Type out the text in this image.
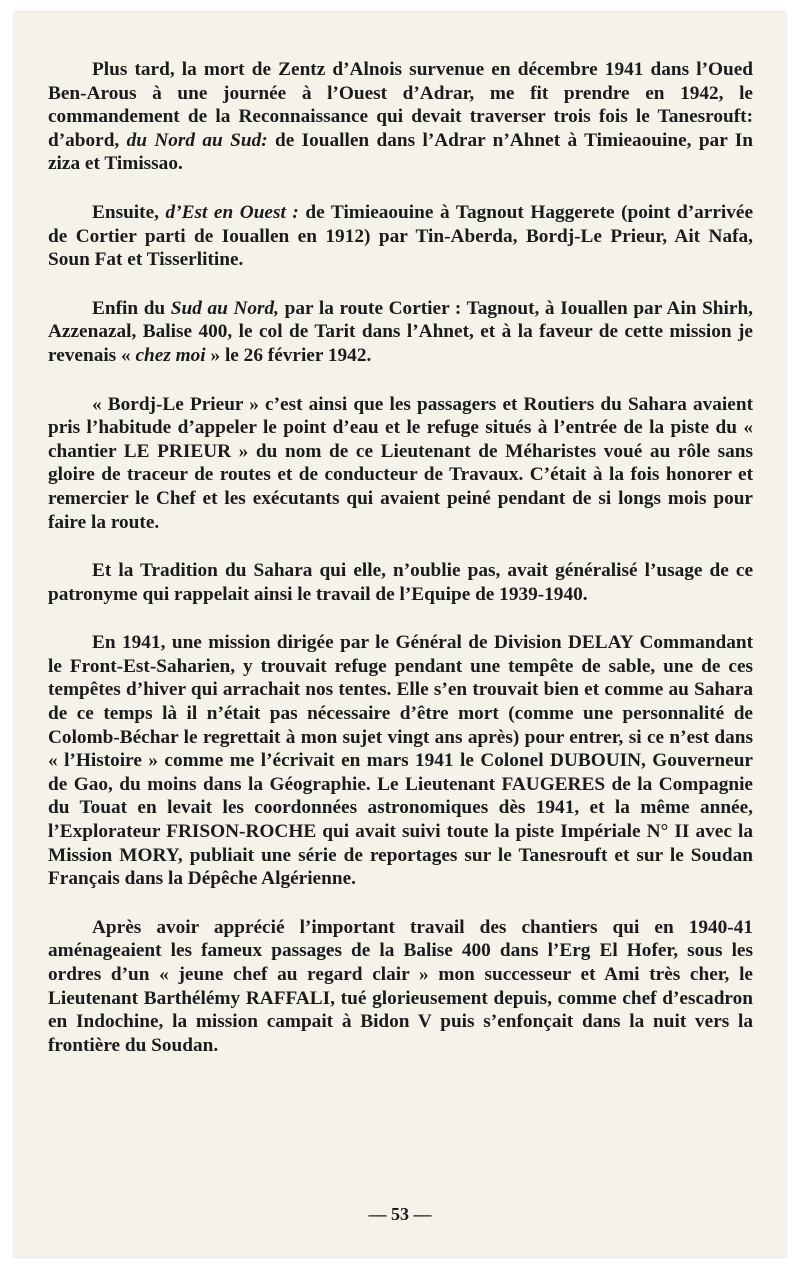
Plus tard, la mort de Zentz d’Alnois survenue en décembre 1941 dans l’Oued Ben-Arous à une journée à l’Ouest d’Adrar, me fit prendre en 1942, le commandement de la Reconnaissance qui devait traverser trois fois le Tanesrouft: d’abord, du Nord au Sud: de Iouallen dans l’Adrar n’Ahnet à Timieaouine, par In ziza et Timissao.

Ensuite, d’Est en Ouest : de Timieaouine à Tagnout Haggerete (point d’arrivée de Cortier parti de Iouallen en 1912) par Tin-Aberda, Bordj-Le Prieur, Ait Nafa, Soun Fat et Tisserlitine.

Enfin du Sud au Nord, par la route Cortier : Tagnout, à Iouallen par Ain Shirh, Azzenazal, Balise 400, le col de Tarit dans l’Ahnet, et à la faveur de cette mission je revenais « chez moi » le 26 février 1942.

« Bordj-Le Prieur » c’est ainsi que les passagers et Routiers du Sahara avaient pris l’habitude d’appeler le point d’eau et le refuge situés à l’entrée de la piste du « chantier LE PRIEUR » du nom de ce Lieutenant de Méharistes voué au rôle sans gloire de traceur de routes et de conducteur de Travaux. C’était à la fois honorer et remercier le Chef et les exécutants qui avaient peiné pendant de si longs mois pour faire la route.

Et la Tradition du Sahara qui elle, n’oublie pas, avait généralisé l’usage de ce patronyme qui rappelait ainsi le travail de l’Equipe de 1939-1940.

En 1941, une mission dirigée par le Général de Division DELAY Commandant le Front-Est-Saharien, y trouvait refuge pendant une tempête de sable, une de ces tempêtes d’hiver qui arrachait nos tentes. Elle s’en trouvait bien et comme au Sahara de ce temps là il n’était pas nécessaire d’être mort (comme une personnalité de Colomb-Béchar le regrettait à mon sujet vingt ans après) pour entrer, si ce n’est dans « l’Histoire » comme me l’écrivait en mars 1941 le Colonel DUBOUIN, Gouverneur de Gao, du moins dans la Géographie. Le Lieutenant FAUGERES de la Compagnie du Touat en levait les coordonnées astronomiques dès 1941, et la même année, l’Explorateur FRISON-ROCHE qui avait suivi toute la piste Impériale N° II avec la Mission MORY, publiait une série de reportages sur le Tanesrouft et sur le Soudan Français dans la Dépêche Algérienne.

Après avoir apprécié l’important travail des chantiers qui en 1940-41 aménageaient les fameux passages de la Balise 400 dans l’Erg El Hofer, sous les ordres d’un « jeune chef au regard clair » mon successeur et Ami très cher, le Lieutenant Barthélémy RAFFALI, tué glorieusement depuis, comme chef d’escadron en Indochine, la mission campait à Bidon V puis s’enfonçait dans la nuit vers la frontière du Soudan.

— 53 —
